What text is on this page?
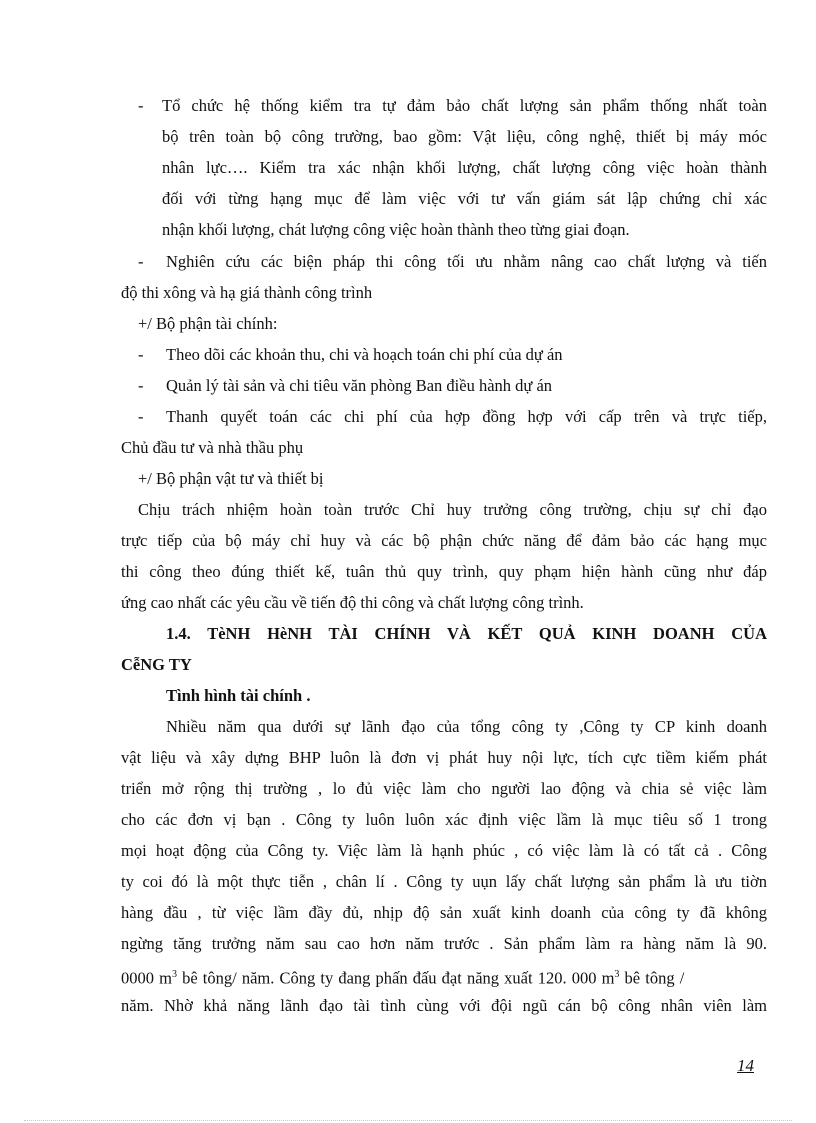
- Tổ chức hệ thống kiểm tra tự đảm bảo chất lượng sản phẩm thống nhất toàn
bộ trên toàn bộ công trường, bao gồm: Vật liệu, công nghệ, thiết bị máy móc
nhân lực…. Kiểm tra xác nhận khối lượng, chất lượng công việc hoàn thành
đối với từng hạng mục để làm việc với tư vấn giám sát lập chứng chỉ xác
nhận khối lượng, chát lượng công việc hoàn thành theo từng giai đoạn.
- Nghiên cứu các biện pháp thi công tối ưu nhằm nâng cao chất lượng và tiến
độ thi xông và hạ giá thành công trình
+/ Bộ phận tài chính:
- Theo dõi các khoản thu, chi và hoạch toán chi phí của dự án
- Quản lý tài sản và chi tiêu văn phòng Ban điều hành dự án
- Thanh quyết toán các chi phí của hợp đồng hợp với cấp trên và trực tiếp,
Chủ đầu tư và nhà thầu phụ
+/ Bộ phận vật tư và thiết bị
Chịu trách nhiệm hoàn toàn trước Chỉ huy trưởng công trường, chịu sự chỉ đạo
trực tiếp của bộ máy chỉ huy và các bộ phận chức năng để đảm bảo các hạng mục
thi công theo đúng thiết kế, tuân thủ quy trình, quy phạm hiện hành cũng như đáp
ứng cao nhất các yêu cầu về tiến độ thi công và chất lượng công trình.
1.4. TèNH HèNH TÀI CHÍNH VÀ KẾT QUẢ KINH DOANH CỦA
CễNG TY
Tình hình tài chính .
Nhiều năm qua dưới sự lãnh đạo của tổng công ty ,Công ty CP kinh doanh
vật liệu và xây dựng BHP luôn là đơn vị phát huy nội lực, tích cực tiềm kiếm phát
triển mở rộng thị trường , lo đủ việc làm cho người lao động và chia sẻ việc làm
cho các đơn vị bạn . Công ty luôn luôn xác định việc lầm là mục tiêu số 1 trong
mọi hoạt động của Công ty. Việc làm là hạnh phúc , có việc làm là có tất cả . Công
ty coi đó là một thực tiễn , chân lí . Công ty uụn lấy chất lượng sản phẩm là ưu tiờn
hàng đầu , từ việc lầm đầy đủ, nhịp độ sản xuất kinh doanh của công ty đã không
ngừng tăng trưởng năm sau cao hơn năm trước . Sản phẩm làm ra hàng năm là 90.
0000 $m^3$ bê tông/ năm. Công ty đang phấn đấu đạt năng xuất 120. 000 $m^3$ bê tông /
năm. Nhờ khả năng lãnh đạo tài tình cùng với đội ngũ cán bộ công nhân viên làm
14
